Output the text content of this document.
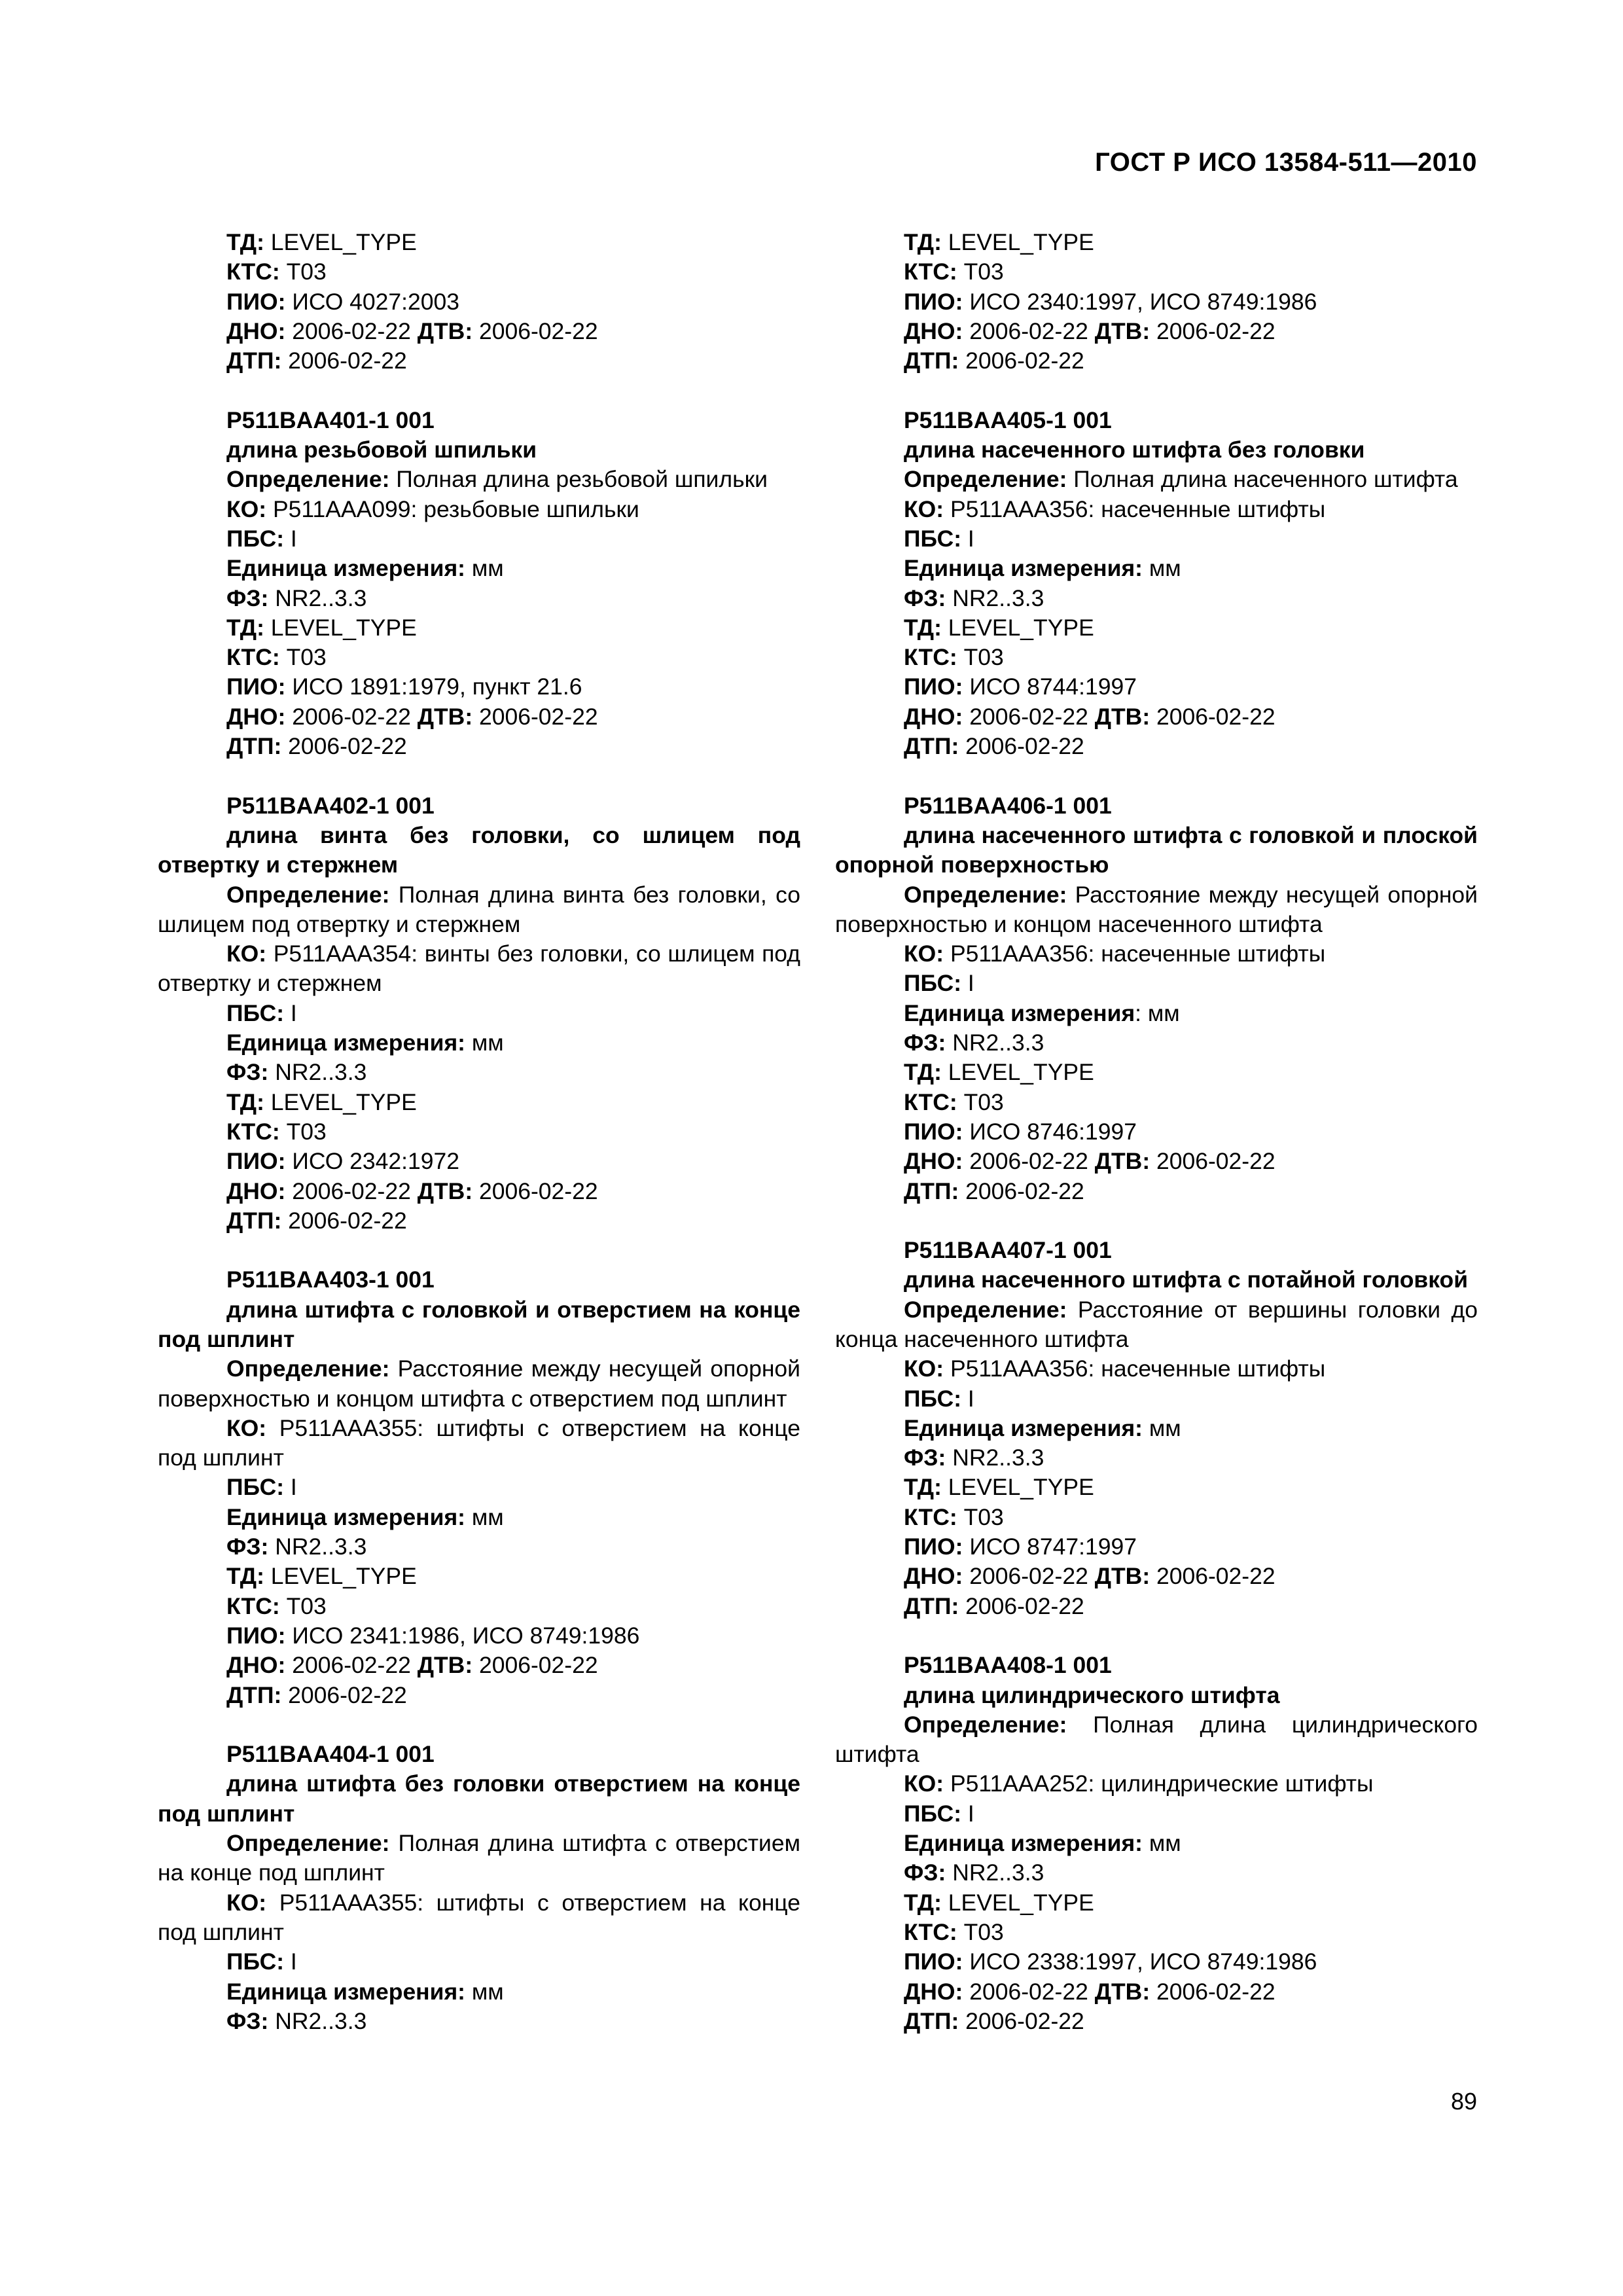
ГОСТ Р ИСО 13584-511—2010
ТД: LEVEL_TYPE
КТС: T03
ПИО: ИСО 4027:2003
ДНО: 2006-02-22 ДТВ: 2006-02-22
ДТП: 2006-02-22
P511BAA401-1 001
длина резьбовой шпильки
Определение: Полная длина резьбовой шпильки
КО: P511AAA099: резьбовые шпильки
ПБС: I
Единица измерения: мм
ФЗ: NR2..3.3
ТД: LEVEL_TYPE
КТС: T03
ПИО: ИСО 1891:1979, пункт 21.6
ДНО: 2006-02-22 ДТВ: 2006-02-22
ДТП: 2006-02-22
P511BAA402-1 001
длина винта без головки, со шлицем под отвертку и стержнем
Определение: Полная длина винта без головки, со шлицем под отвертку и стержнем
КО: P511AAA354: винты без головки, со шлицем под отвертку и стержнем
ПБС: I
Единица измерения: мм
ФЗ: NR2..3.3
ТД: LEVEL_TYPE
КТС: T03
ПИО: ИСО 2342:1972
ДНО: 2006-02-22 ДТВ: 2006-02-22
ДТП: 2006-02-22
P511BAA403-1 001
длина штифта с головкой и отверстием на конце под шплинт
Определение: Расстояние между несущей опорной поверхностью и концом штифта с отверстием под шплинт
КО: P511AAA355: штифты с отверстием на конце под шплинт
ПБС: I
Единица измерения: мм
ФЗ: NR2..3.3
ТД: LEVEL_TYPE
КТС: T03
ПИО: ИСО 2341:1986, ИСО 8749:1986
ДНО: 2006-02-22 ДТВ: 2006-02-22
ДТП: 2006-02-22
P511BAA404-1 001
длина штифта без головки отверстием на конце под шплинт
Определение: Полная длина штифта с отверстием на конце под шплинт
КО: P511AAA355: штифты с отверстием на конце под шплинт
ПБС: I
Единица измерения: мм
ФЗ: NR2..3.3
ТД: LEVEL_TYPE
КТС: T03
ПИО: ИСО 2340:1997, ИСО 8749:1986
ДНО: 2006-02-22 ДТВ: 2006-02-22
ДТП: 2006-02-22
P511BAA405-1 001
длина насеченного штифта без головки
Определение: Полная длина насеченного штифта
КО: P511AAA356: насеченные штифты
ПБС: I
Единица измерения: мм
ФЗ: NR2..3.3
ТД: LEVEL_TYPE
КТС: T03
ПИО: ИСО 8744:1997
ДНО: 2006-02-22 ДТВ: 2006-02-22
ДТП: 2006-02-22
P511BAA406-1 001
длина насеченного штифта с головкой и плоской опорной поверхностью
Определение: Расстояние между несущей опорной поверхностью и концом насеченного штифта
КО: P511AAA356: насеченные штифты
ПБС: I
Единица измерения: мм
ФЗ: NR2..3.3
ТД: LEVEL_TYPE
КТС: T03
ПИО: ИСО 8746:1997
ДНО: 2006-02-22 ДТВ: 2006-02-22
ДТП: 2006-02-22
P511BAA407-1 001
длина насеченного штифта с потайной головкой
Определение: Расстояние от вершины головки до конца насеченного штифта
КО: P511AAA356: насеченные штифты
ПБС: I
Единица измерения: мм
ФЗ: NR2..3.3
ТД: LEVEL_TYPE
КТС: T03
ПИО: ИСО 8747:1997
ДНО: 2006-02-22 ДТВ: 2006-02-22
ДТП: 2006-02-22
P511BAA408-1 001
длина цилиндрического штифта
Определение: Полная длина цилиндрического штифта
КО: P511AAA252: цилиндрические штифты
ПБС: I
Единица измерения: мм
ФЗ: NR2..3.3
ТД: LEVEL_TYPE
КТС: T03
ПИО: ИСО 2338:1997, ИСО 8749:1986
ДНО: 2006-02-22 ДТВ: 2006-02-22
ДТП: 2006-02-22
89
